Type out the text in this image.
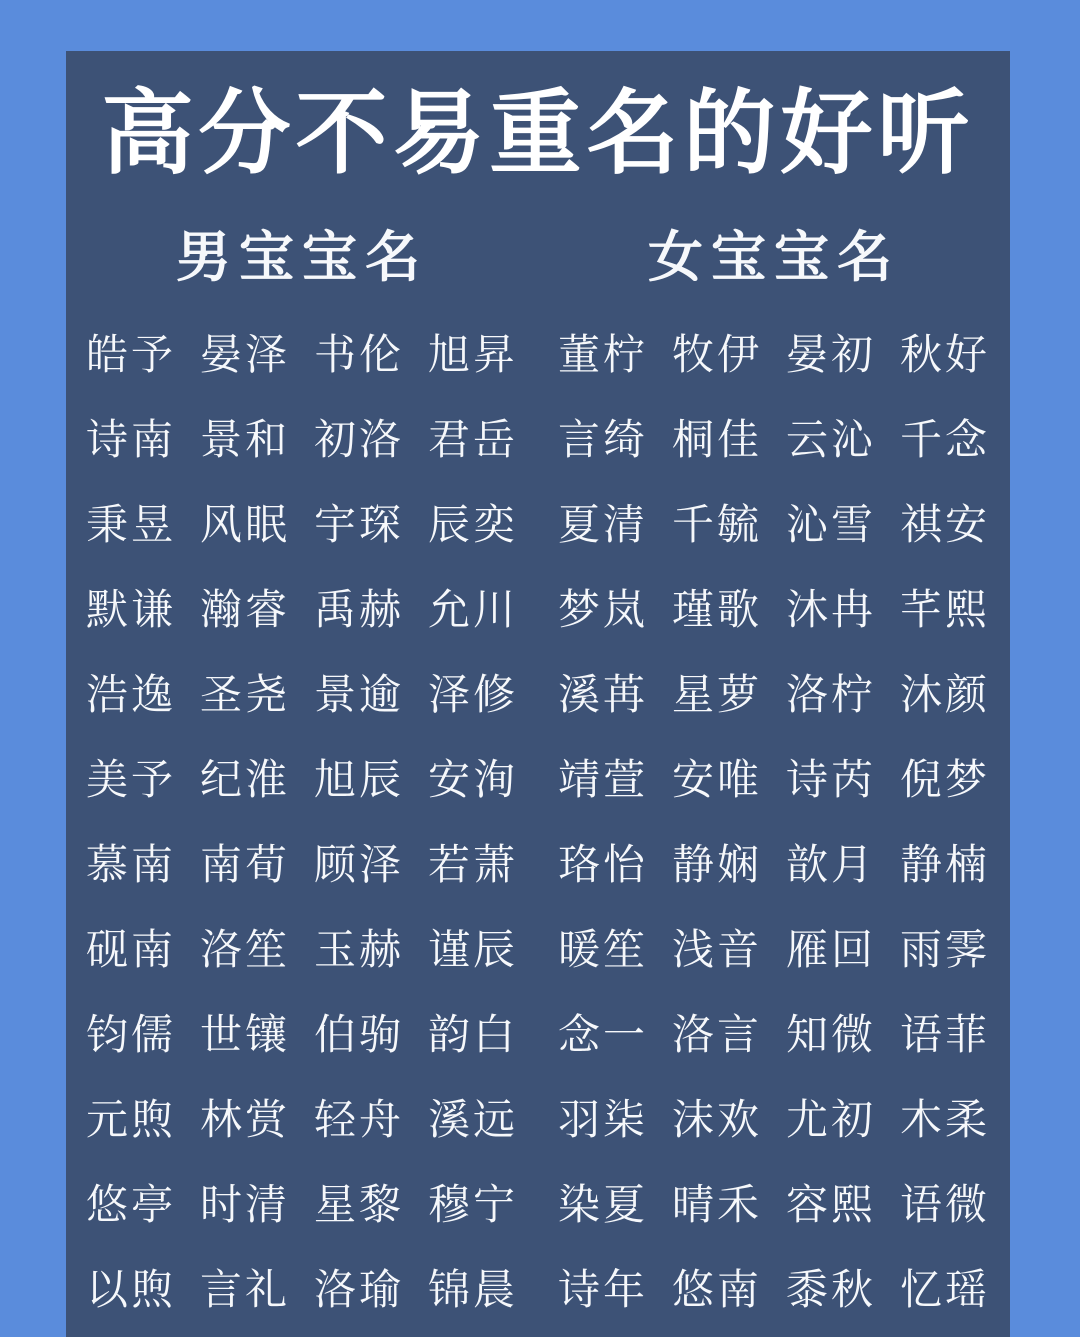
高分不易重名的好听
男宝宝名	女宝宝名
皓予 晏泽 书伦 旭昇
诗南 景和 初洛 君岳
秉昱 风眠 宇琛 辰奕
默谦 瀚睿 禹赫 允川
浩逸 圣尧 景逾 泽修
美予 纪淮 旭辰 安洵
慕南 南荀 顾泽 若萧
砚南 洛笙 玉赫 谨辰
钧儒 世镶 伯驹 韵白
元煦 林赏 轻舟 溪远
悠亭 时清 星黎 穆宁
以煦 言礼 洛瑜 锦晨
董柠 牧伊 晏初 秋好
言绮 桐佳 云沁 千念
夏清 千毓 沁雪 祺安
梦岚 瑾歌 沐冉 芊熙
溪苒 星萝 洛柠 沐颜
靖萱 安唯 诗芮 倪梦
珞怡 静娴 歆月 静楠
暖笙 浅音 雁回 雨霁
念一 洛言 知微 语菲
羽柒 沫欢 尤初 木柔
染夏 晴禾 容熙 语微
诗年 悠南 黍秋 忆瑶
